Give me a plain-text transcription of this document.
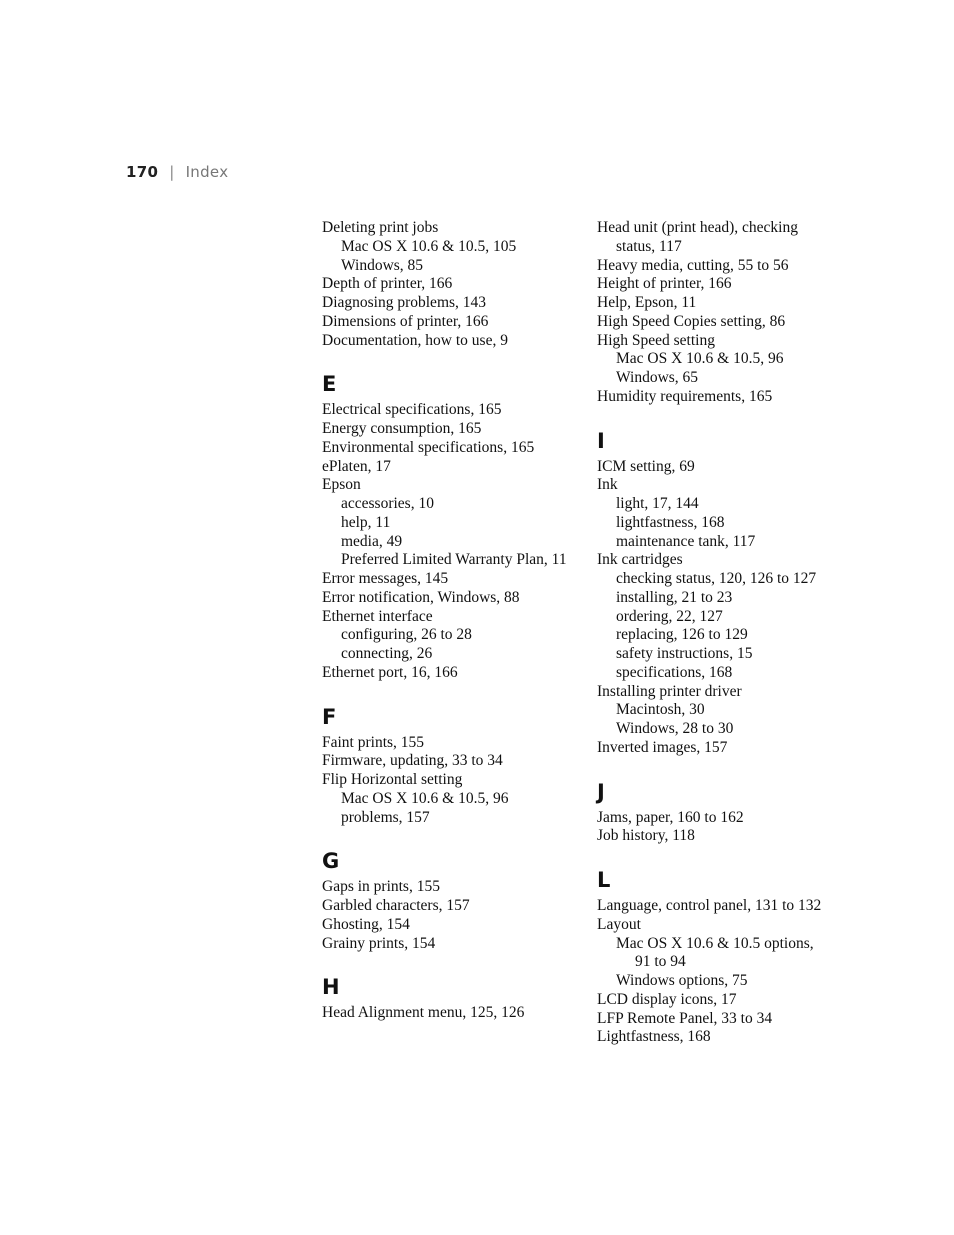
170 | Index
Deleting print jobs
Mac OS X 10.6 & 10.5, 105
Windows, 85
Depth of printer, 166
Diagnosing problems, 143
Dimensions of printer, 166
Documentation, how to use, 9
E
Electrical specifications, 165
Energy consumption, 165
Environmental specifications, 165
ePlaten, 17
Epson
accessories, 10
help, 11
media, 49
Preferred Limited Warranty Plan, 11
Error messages, 145
Error notification, Windows, 88
Ethernet interface
configuring, 26 to 28
connecting, 26
Ethernet port, 16, 166
F
Faint prints, 155
Firmware, updating, 33 to 34
Flip Horizontal setting
Mac OS X 10.6 & 10.5, 96
problems, 157
G
Gaps in prints, 155
Garbled characters, 157
Ghosting, 154
Grainy prints, 154
H
Head Alignment menu, 125, 126
Head unit (print head), checking status, 117
Heavy media, cutting, 55 to 56
Height of printer, 166
Help, Epson, 11
High Speed Copies setting, 86
High Speed setting
Mac OS X 10.6 & 10.5, 96
Windows, 65
Humidity requirements, 165
I
ICM setting, 69
Ink
light, 17, 144
lightfastness, 168
maintenance tank, 117
Ink cartridges
checking status, 120, 126 to 127
installing, 21 to 23
ordering, 22, 127
replacing, 126 to 129
safety instructions, 15
specifications, 168
Installing printer driver
Macintosh, 30
Windows, 28 to 30
Inverted images, 157
J
Jams, paper, 160 to 162
Job history, 118
L
Language, control panel, 131 to 132
Layout
Mac OS X 10.6 & 10.5 options, 91 to 94
Windows options, 75
LCD display icons, 17
LFP Remote Panel, 33 to 34
Lightfastness, 168
